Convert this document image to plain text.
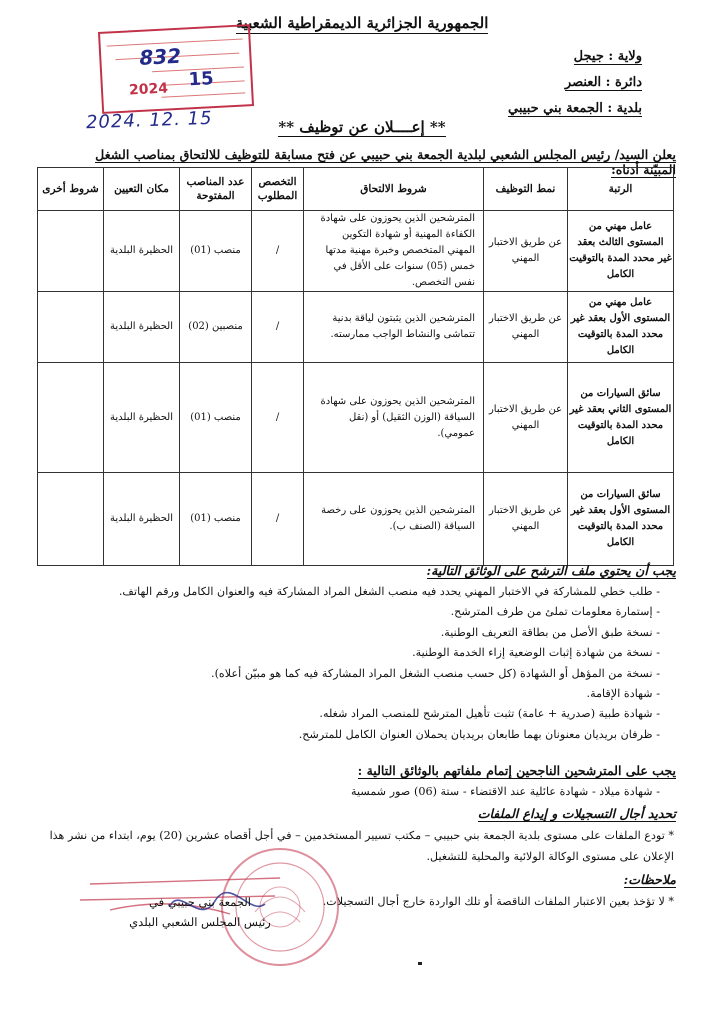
الجمهورية الجزائرية الديمقراطية الشعبية
ولاية : جيجل
دائرة : العنصر
بلدية : الجمعة بني حبيبي
832
15
2024
2024. 12. 15	** إعــــلان عن توظيف **
يعلن السيد/ رئيس المجلس الشعبي لبلدية الجمعة بني حبيبي عن فتح مسابقة للتوظيف للالتحاق بمناصب الشغل المبيّنة أدناه:
الرتبة	نمط التوظيف	شروط الالتحاق	التخصص المطلوب	عدد المناصب المفتوحة	مكان التعيين	شروط أخرى
عامل مهني من المستوى الثالث بعقد غير محدد المدة بالتوقيت الكامل	عن طريق الاختبار المهني	المترشحين الذين يحوزون على شهادة الكفاءة المهنية أو شهادة التكوين المهني المتخصص وخبرة مهنية مدتها خمس (05) سنوات على الأقل في نفس التخصص.	/	منصب (01)	الحظيرة البلدية	
عامل مهني من المستوى الأول بعقد غير محدد المدة بالتوقيت الكامل	عن طريق الاختبار المهني	المترشحين الذين يثبتون لياقة بدنية تتماشى والنشاط الواجب ممارسته.	/	منصبين (02)	الحظيرة البلدية	
سائق السيارات من المستوى الثاني بعقد غير محدد المدة بالتوقيت الكامل	عن طريق الاختبار المهني	المترشحين الذين يحوزون على شهادة السياقة (الوزن الثقيل) أو (نقل عمومي).	/	منصب (01)	الحظيرة البلدية	
سائق السيارات من المستوى الأول بعقد غير محدد المدة بالتوقيت الكامل	عن طريق الاختبار المهني	المترشحين الذين يحوزون على رخصة السياقة (الصنف ب).	/	منصب (01)	الحظيرة البلدية	
يجب أن يحتوي ملف الترشح على الوثائق التالية:
- طلب خطي للمشاركة في الاختبار المهني يحدد فيه منصب الشغل المراد المشاركة فيه والعنوان الكامل ورقم الهاتف.
- إستمارة معلومات تملئ من طرف المترشح.
- نسخة طبق الأصل من بطاقة التعريف الوطنية.
- نسخة من شهادة إثبات الوضعية إزاء الخدمة الوطنية.
- نسخة من المؤهل أو الشهادة (كل حسب منصب الشغل المراد المشاركة فيه كما هو مبيّن أعلاه).
- شهادة الإقامة.
- شهادة طبية (صدرية + عامة) تثبت تأهيل المترشح للمنصب المراد شغله.
- ظرفان بريديان معنونان بهما طابعان بريديان يحملان العنوان الكامل للمترشح.
يجب على المترشحين الناجحين إتمام ملفاتهم بالوثائق التالية :
- شهادة ميلاد - شهادة عائلية عند الاقتضاء - ستة (06) صور شمسية
تحديد أجال التسجيلات و إيداع الملفات
* تودع الملفات على مستوى بلدية الجمعة بني حبيبي – مكتب تسيير المستخدمين – في أجل أقصاه عشرين (20) يوم، ابتداء من نشر هذا الإعلان على مستوى الوكالة الولائية والمحلية للتشغيل.
ملاحظات:
* لا تؤخذ بعين الاعتبار الملفات الناقصة أو تلك الواردة خارج أجال التسجيلات.
الجمعة بني حبيبي في
رئيس المجلس الشعبي البلدي
